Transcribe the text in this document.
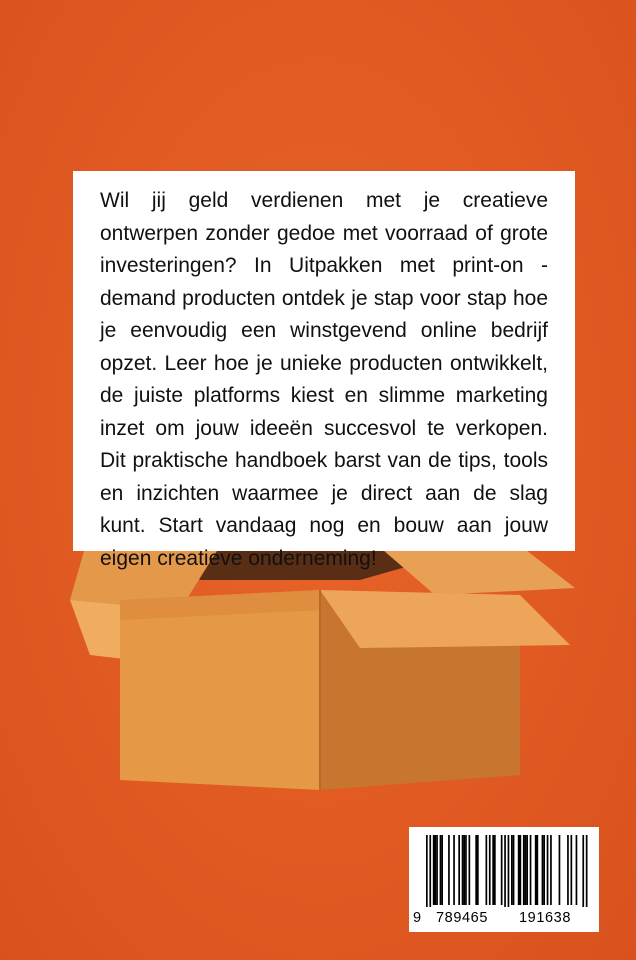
Wil jij geld verdienen met je creatieve ontwerpen zonder gedoe met voorraad of grote investeringen? In Uitpakken met print-on -demand producten ontdek je stap voor stap hoe je eenvoudig een winstgevend online bedrijf opzet. Leer hoe je unieke producten ontwikkelt, de juiste platforms kiest en slimme marketing inzet om jouw ideeën succesvol te verkopen. Dit praktische handboek barst van de tips, tools en inzichten waarmee je direct aan de slag kunt. Start vandaag nog en bouw aan jouw eigen creatieve onderneming!

9 789465 191638
